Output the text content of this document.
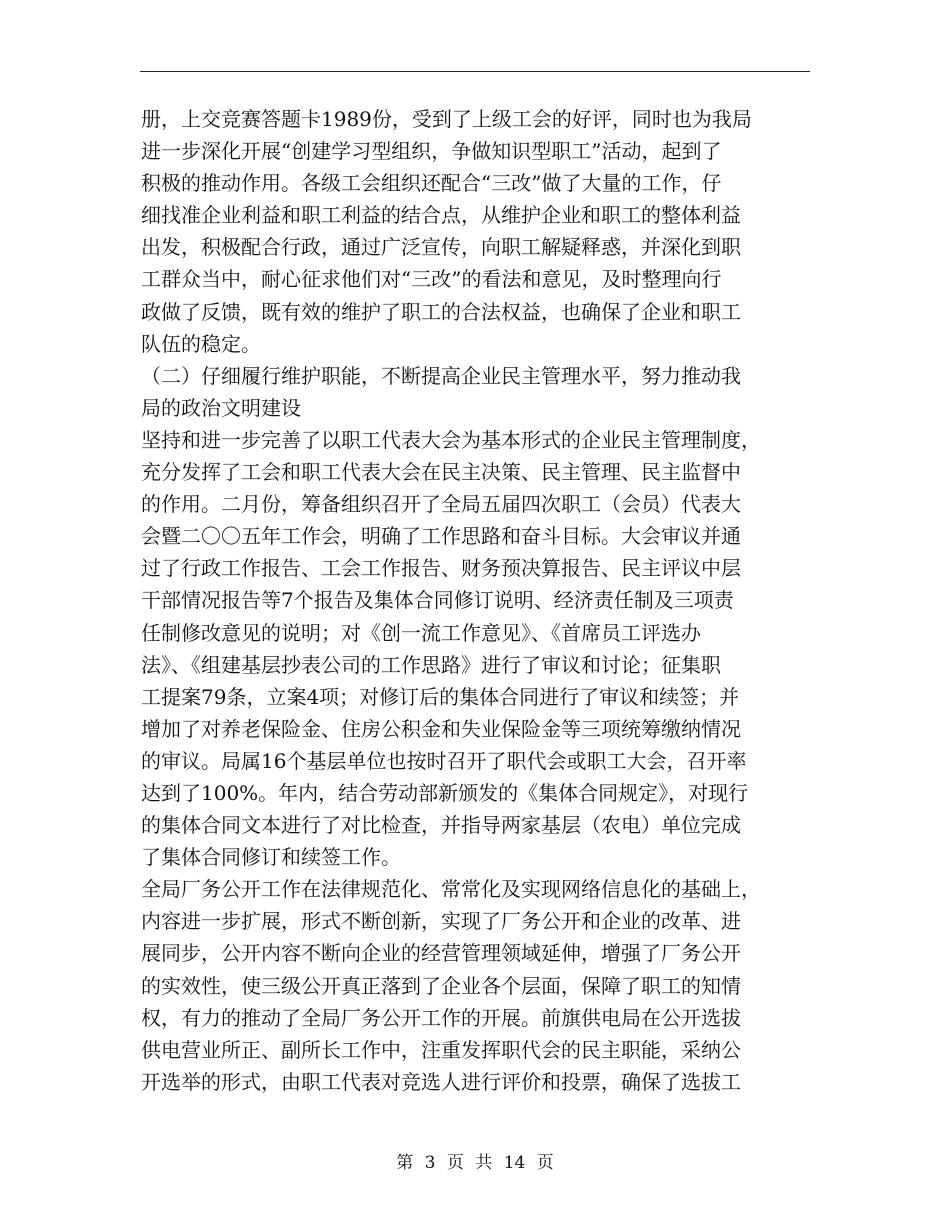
册，上交竞赛答题卡1989份，受到了上级工会的好评，同时也为我局
进一步深化开展“创建学习型组织，争做知识型职工”活动，起到了
积极的推动作用。各级工会组织还配合“三改”做了大量的工作，仔
细找准企业利益和职工利益的结合点，从维护企业和职工的整体利益
出发，积极配合行政，通过广泛宣传，向职工解疑释惑，并深化到职
工群众当中，耐心征求他们对“三改”的看法和意见，及时整理向行
政做了反馈，既有效的维护了职工的合法权益，也确保了企业和职工
队伍的稳定。
（二）仔细履行维护职能，不断提高企业民主管理水平，努力推动我
局的政治文明建设
坚持和进一步完善了以职工代表大会为基本形式的企业民主管理制度，
充分发挥了工会和职工代表大会在民主决策、民主管理、民主监督中
的作用。二月份，筹备组织召开了全局五届四次职工（会员）代表大
会暨二〇〇五年工作会，明确了工作思路和奋斗目标。大会审议并通
过了行政工作报告、工会工作报告、财务预决算报告、民主评议中层
干部情况报告等7个报告及集体合同修订说明、经济责任制及三项责
任制修改意见的说明；对《创一流工作意见》、《首席员工评选办
法》、《组建基层抄表公司的工作思路》进行了审议和讨论；征集职
工提案79条，立案4项；对修订后的集体合同进行了审议和续签；并
增加了对养老保险金、住房公积金和失业保险金等三项统筹缴纳情况
的审议。局属16个基层单位也按时召开了职代会或职工大会，召开率
达到了100%。年内，结合劳动部新颁发的《集体合同规定》，对现行
的集体合同文本进行了对比检查，并指导两家基层（农电）单位完成
了集体合同修订和续签工作。
全局厂务公开工作在法律规范化、常常化及实现网络信息化的基础上，
内容进一步扩展，形式不断创新，实现了厂务公开和企业的改革、进
展同步，公开内容不断向企业的经营管理领域延伸，增强了厂务公开
的实效性，使三级公开真正落到了企业各个层面，保障了职工的知情
权，有力的推动了全局厂务公开工作的开展。前旗供电局在公开选拔
供电营业所正、副所长工作中，注重发挥职代会的民主职能，采纳公
开选举的形式，由职工代表对竞选人进行评价和投票，确保了选拔工
第 3 页 共 14 页
